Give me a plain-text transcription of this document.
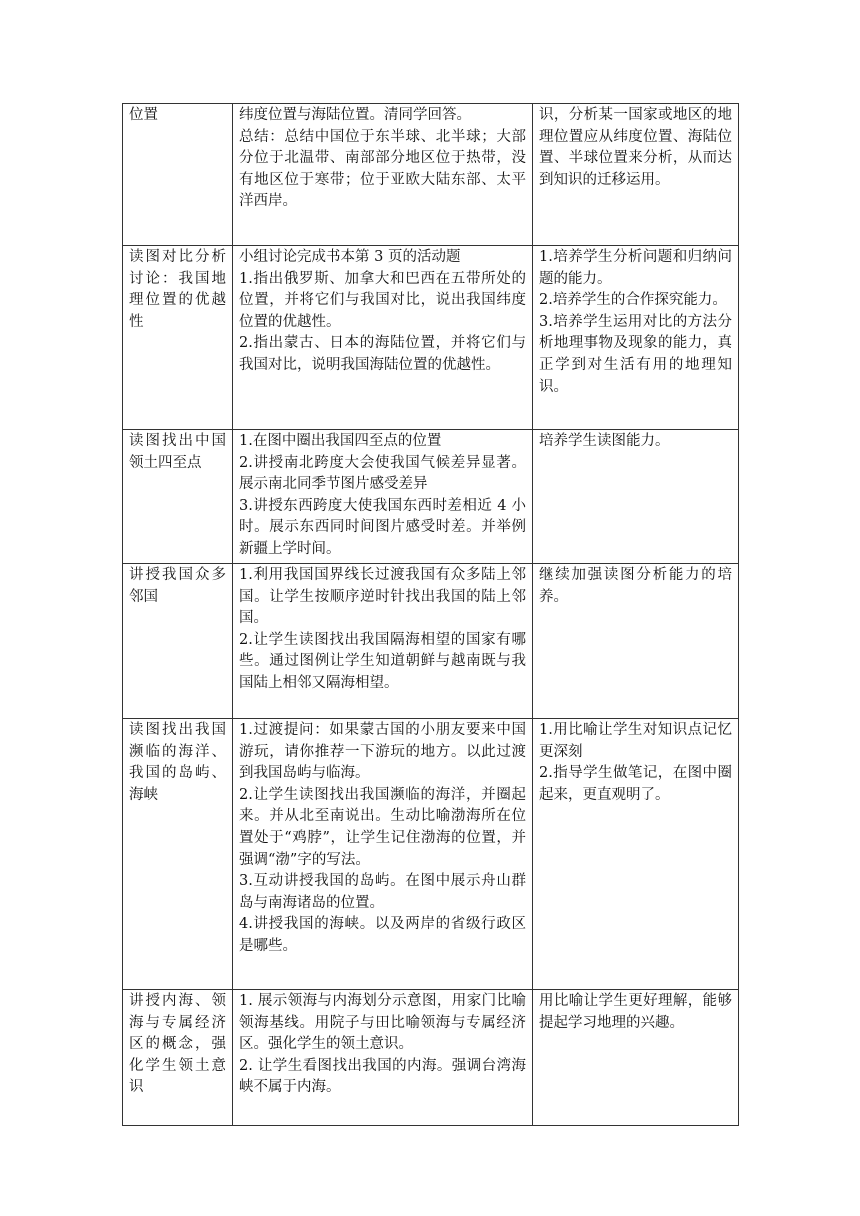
位置	纬度位置与海陆位置。清同学回答。
总结：总结中国位于东半球、北半球；大部分位于北温带、南部部分地区位于热带，没有地区位于寒带；位于亚欧大陆东部、太平洋西岸。	识，分析某一国家或地区的地理位置应从纬度位置、海陆位置、半球位置来分析，从而达到知识的迁移运用。

读图对比分析讨论：我国地理位置的优越性	小组讨论完成书本第 3 页的活动题
1.指出俄罗斯、加拿大和巴西在五带所处的位置，并将它们与我国对比，说出我国纬度位置的优越性。
2.指出蒙古、日本的海陆位置，并将它们与我国对比，说明我国海陆位置的优越性。	1.培养学生分析问题和归纳问题的能力。
2.培养学生的合作探究能力。
3.培养学生运用对比的方法分析地理事物及现象的能力，真正学到对生活有用的地理知识。

读图找出中国领土四至点	1.在图中圈出我国四至点的位置
2.讲授南北跨度大会使我国气候差异显著。展示南北同季节图片感受差异
3.讲授东西跨度大使我国东西时差相近 4 小时。展示东西同时间图片感受时差。并举例新疆上学时间。	培养学生读图能力。

讲授我国众多邻国	1.利用我国国界线长过渡我国有众多陆上邻国。让学生按顺序逆时针找出我国的陆上邻国。
2.让学生读图找出我国隔海相望的国家有哪些。通过图例让学生知道朝鲜与越南既与我国陆上相邻又隔海相望。	继续加强读图分析能力的培养。

读图找出我国濒临的海洋、我国的岛屿、海峡	1.过渡提问：如果蒙古国的小朋友要来中国游玩，请你推荐一下游玩的地方。以此过渡到我国岛屿与临海。
2.让学生读图找出我国濒临的海洋，并圈起来。并从北至南说出。生动比喻渤海所在位置处于“鸡脖”，让学生记住渤海的位置，并强调“渤”字的写法。
3.互动讲授我国的岛屿。在图中展示舟山群岛与南海诸岛的位置。
4.讲授我国的海峡。以及两岸的省级行政区是哪些。	1.用比喻让学生对知识点记忆更深刻
2.指导学生做笔记，在图中圈起来，更直观明了。

讲授内海、领海与专属经济区的概念，强化学生领土意识	1. 展示领海与内海划分示意图，用家门比喻领海基线。用院子与田比喻领海与专属经济区。强化学生的领土意识。
2. 让学生看图找出我国的内海。强调台湾海峡不属于内海。	用比喻让学生更好理解，能够提起学习地理的兴趣。
